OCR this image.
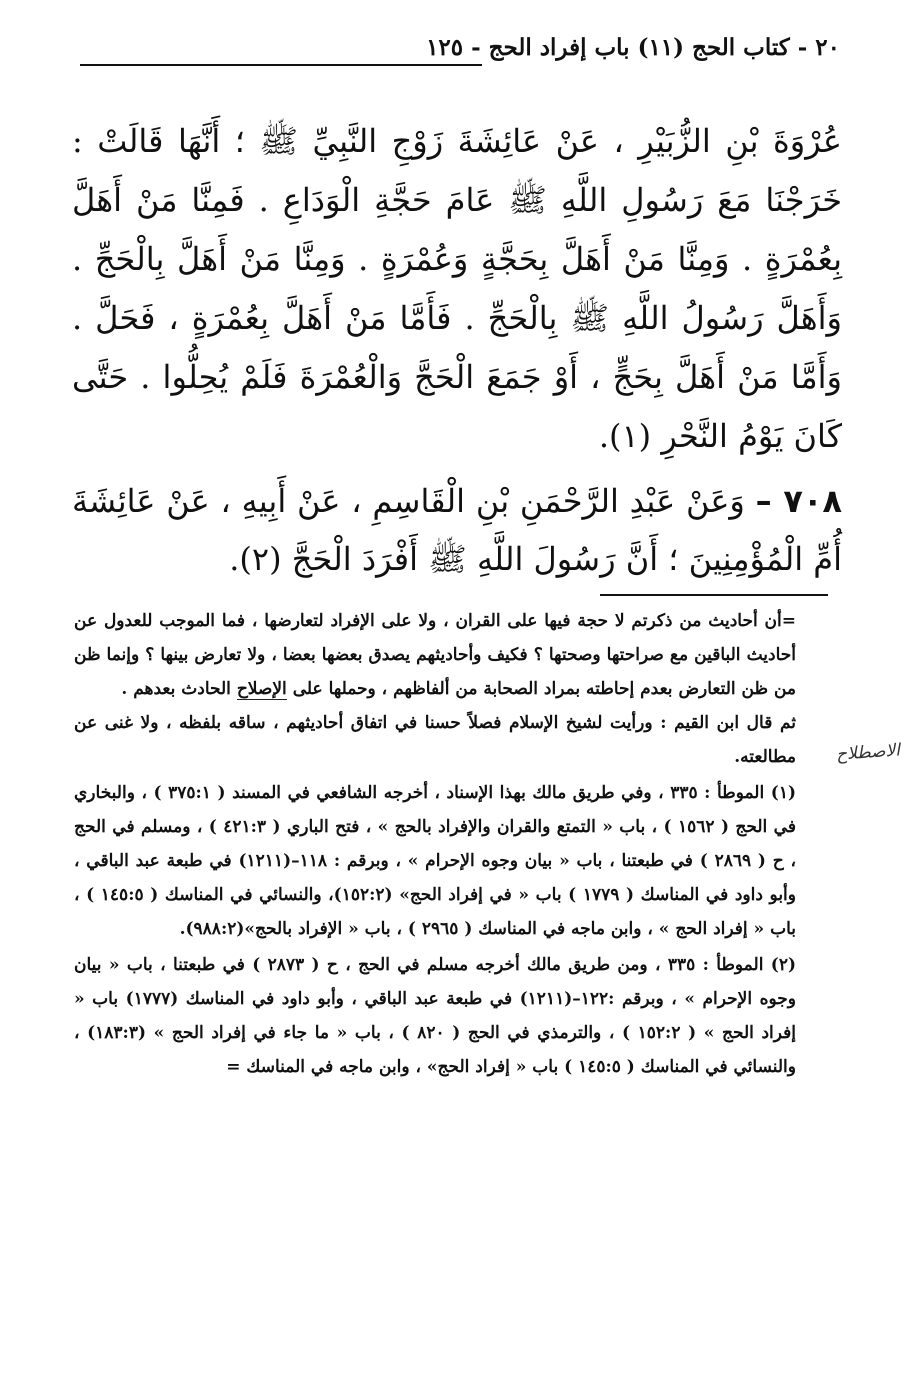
٢٠ - كتاب الحج (١١) باب إفراد الحج - ١٢٥

عُرْوَةَ بْنِ الزُّبَيْرِ ، عَنْ عَائِشَةَ زَوْجِ النَّبِيِّ ﷺ ؛ أَنَّهَا قَالَتْ : خَرَجْنَا مَعَ رَسُولِ اللَّهِ ﷺ عَامَ حَجَّةِ الْوَدَاعِ . فَمِنَّا مَنْ أَهَلَّ بِعُمْرَةٍ . وَمِنَّا مَنْ أَهَلَّ بِحَجَّةٍ وَعُمْرَةٍ . وَمِنَّا مَنْ أَهَلَّ بِالْحَجِّ . وَأَهَلَّ رَسُولُ اللَّهِ ﷺ بِالْحَجِّ . فَأَمَّا مَنْ أَهَلَّ بِعُمْرَةٍ ، فَحَلَّ . وَأَمَّا مَنْ أَهَلَّ بِحَجٍّ ، أَوْ جَمَعَ الْحَجَّ وَالْعُمْرَةَ فَلَمْ يُحِلُّوا . حَتَّى كَانَ يَوْمُ النَّحْرِ (١).

٧٠٨ – وَعَنْ عَبْدِ الرَّحْمَنِ بْنِ الْقَاسِمِ ، عَنْ أَبِيهِ ، عَنْ عَائِشَةَ أُمِّ الْمُؤْمِنِينَ ؛ أَنَّ رَسُولَ اللَّهِ ﷺ أَفْرَدَ الْحَجَّ (٢).

=أن أحاديث من ذكرتم لا حجة فيها على القران ، ولا على الإفراد لتعارضها ، فما الموجب للعدول عن أحاديث الباقين مع صراحتها وصحتها ؟ فكيف وأحاديثهم يصدق بعضها بعضا ، ولا تعارض بينها ؟ وإنما ظن من ظن التعارض بعدم إحاطته بمراد الصحابة من ألفاظهم ، وحملها على الإصلاح الحادث بعدهم .

ثم قال ابن القيم : ورأيت لشيخ الإسلام فصلاً حسنا في اتفاق أحاديثهم ، ساقه بلفظه ، ولا غنى عن مطالعته.

(١) الموطأ : ٣٣٥ ، وفي طريق مالك بهذا الإسناد ، أخرجه الشافعي في المسند ( ٣٧٥:١ ) ، والبخاري في الحج ( ١٥٦٢ ) ، باب « التمتع والقران والإفراد بالحج » ، فتح الباري ( ٤٢١:٣ ) ، ومسلم في الحج ، ح ( ٢٨٦٩ ) في طبعتنا ، باب « بيان وجوه الإحرام » ، وبرقم : ١١٨–(١٢١١) في طبعة عبد الباقي ، وأبو داود في المناسك ( ١٧٧٩ ) باب « في إفراد الحج» (١٥٢:٢)، والنسائي في المناسك ( ١٤٥:٥ ) ، باب « إفراد الحج » ، وابن ماجه في المناسك ( ٢٩٦٥ ) ، باب « الإفراد بالحج»(٩٨٨:٢).

(٢) الموطأ : ٣٣٥ ، ومن طريق مالك أخرجه مسلم في الحج ، ح ( ٢٨٧٣ ) في طبعتنا ، باب « بيان وجوه الإحرام » ، وبرقم :١٢٢–(١٢١١) في طبعة عبد الباقي ، وأبو داود في المناسك (١٧٧٧) باب « إفراد الحج » ( ١٥٢:٢ ) ، والترمذي في الحج ( ٨٢٠ ) ، باب « ما جاء في إفراد الحج » (١٨٣:٣) ، والنسائي في المناسك ( ١٤٥:٥ ) باب « إفراد الحج» ، وابن ماجه في المناسك =

الاصطلاح
